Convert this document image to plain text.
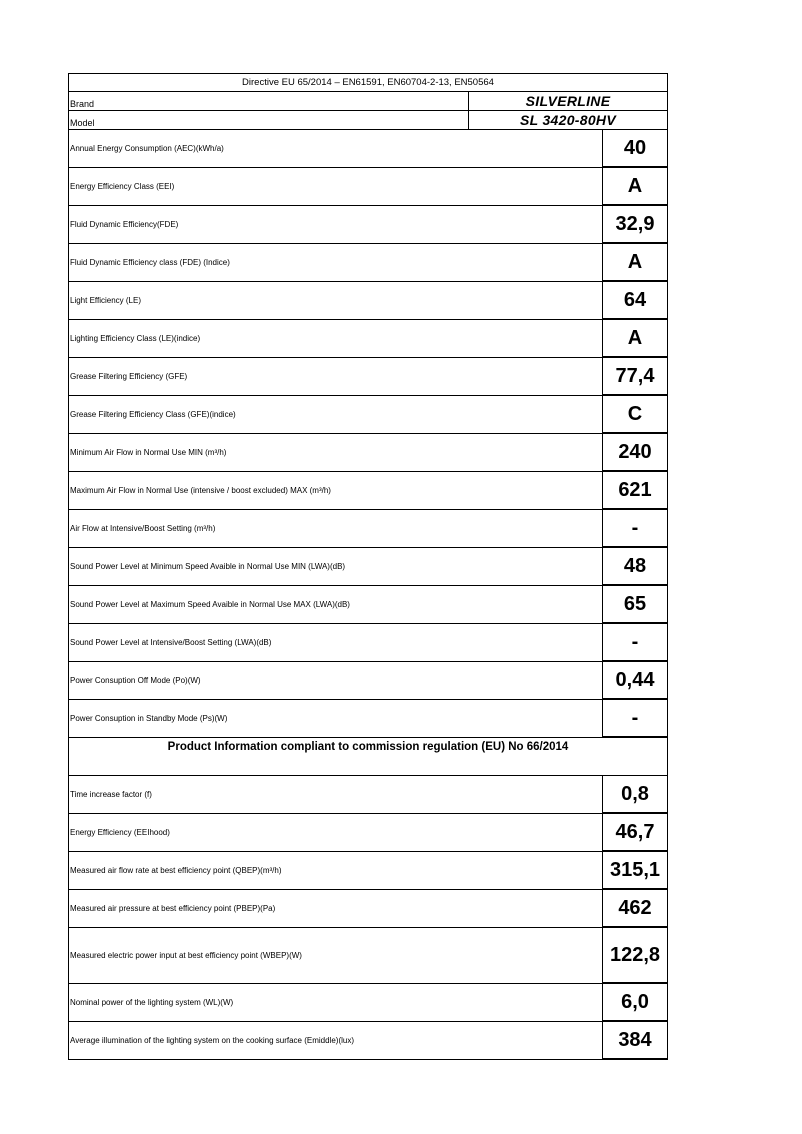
Directive EU 65/2014 – EN61591, EN60704-2-13, EN50564
Brand	SILVERLINE
Model	SL 3420-80HV
Annual Energy Consumption (AEC)(kWh/a)	40
Energy Efficiency Class (EEI)	A
Fluid Dynamic Efficiency(FDE)	32,9
Fluid Dynamic Efficiency class (FDE) (Indice)	A
Light Efficiency (LE)	64
Lighting Efficiency Class (LE)(indice)	A
Grease Filtering Efficiency (GFE)	77,4
Grease Filtering Efficiency Class (GFE)(indice)	C
Minimum Air Flow in Normal Use MIN (m³/h)	240
Maximum Air Flow in Normal Use (intensive / boost excluded) MAX (m³/h)	621
Air Flow at Intensive/Boost Setting (m³/h)	-
Sound Power Level at Minimum Speed Avaible in Normal Use MIN (LWA)(dB)	48
Sound Power Level at Maximum Speed Avaible in Normal Use MAX (LWA)(dB)	65
Sound Power Level at Intensive/Boost Setting (LWA)(dB)	-
Power Consuption Off Mode (Po)(W)	0,44
Power Consuption in Standby Mode (Ps)(W)	-
Product Information compliant to commission regulation (EU) No 66/2014
Time increase factor (f)	0,8
Energy Efficiency (EEIhood)	46,7
Measured air flow rate at best efficiency point (QBEP)(m³/h)	315,1
Measured air pressure at best efficiency point (PBEP)(Pa)	462
Measured electric power input at best efficiency point (WBEP)(W)	122,8
Nominal power of the lighting system (WL)(W)	6,0
Average illumination of the lighting system on the cooking surface (Emiddle)(lux)	384
